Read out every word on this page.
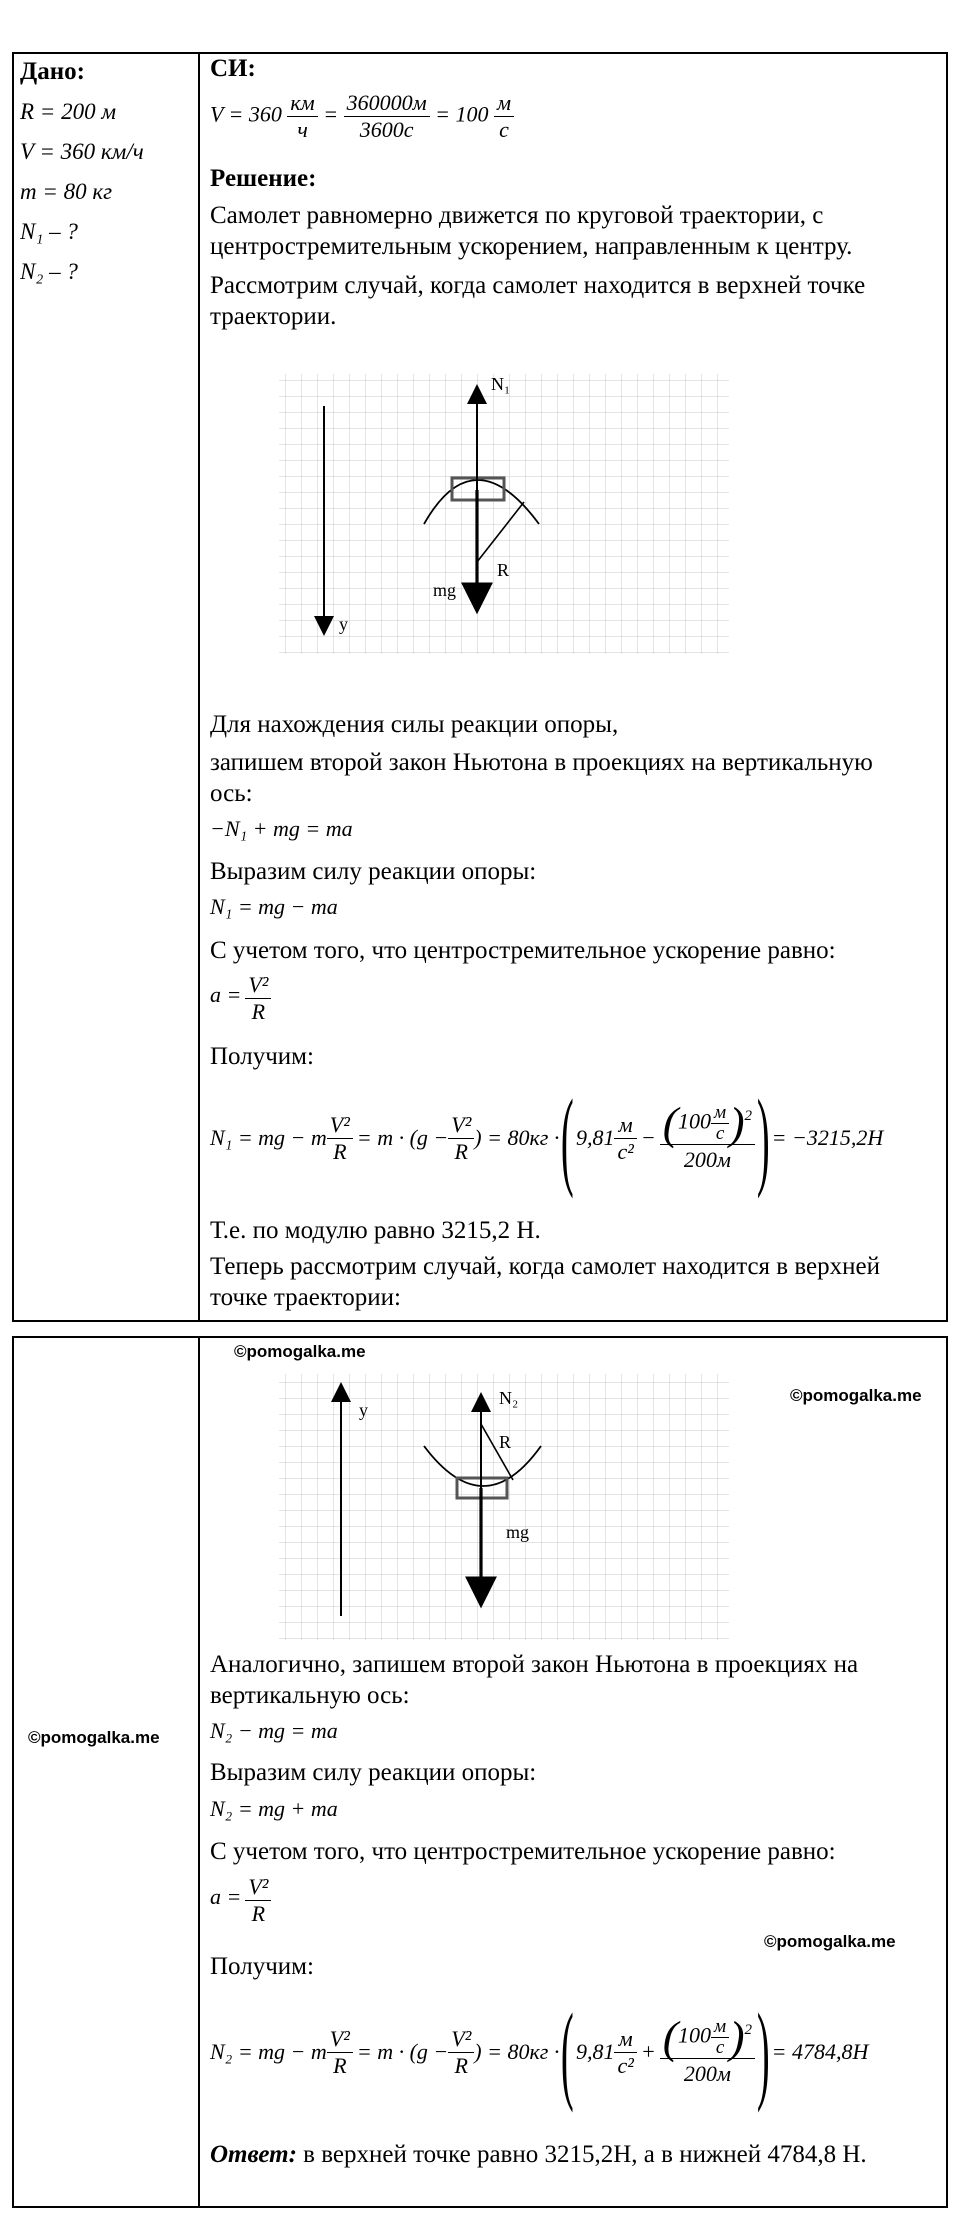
Дано:
R = 200 м
V = 360 км/ч
m = 80 кг
N₁ – ?
N₂ – ?
СИ:
$V = 360 \frac{км}{ч} = \frac{360000м}{3600с} = 100 \frac{м}{с}$
Решение:
Самолет равномерно движется по круговой траектории, с
центростремительным ускорением, направленным к центру.
Рассмотрим случай, когда самолет находится в верхней точке
траектории.
y
N₁
mg
R
Для нахождения силы реакции опоры,
запишем второй закон Ньютона в проекциях на вертикальную
ось:
−N₁ + mg = ma
Выразим силу реакции опоры:
N₁ = mg − ma
С учетом того, что центростремительное ускорение равно:
$a = \frac{\text{V²}}{R}$
Получим:
N₁ = mg − m $\frac{\text{V²}}{R} = m \cdot (g - \frac{\text{V²}}{R}$ ) = 80кг · ( $9,81 \frac{м}{\text{с²}} - \frac{(100 \frac{м}{с} )^2}{200м}$ ) = −3215,2H
Т.е. по модулю равно 3215,2 Н.
Теперь рассмотрим случай, когда самолет находится в верхней
точке траектории:
©pomogalka.me
©pomogalka.me
©pomogalka.me
©pomogalka.me
y
N₂
R
mg
Аналогично, запишем второй закон Ньютона в проекциях на
вертикальную ось:
N₂ − mg = ma
Выразим силу реакции опоры:
N₂ = mg + ma
С учетом того, что центростремительное ускорение равно:
$a = \frac{\text{V²}}{R}$
Получим:
N₂ = mg − m $\frac{\text{V²}}{R} = m \cdot (g - \frac{\text{V²}}{R}$ ) = 80кг · ( $9,81 \frac{м}{\text{с²}} + \frac{(100 \frac{м}{с} )^2}{200м}$ ) = 4784,8H
Ответ: в верхней точке равно 3215,2Н, а в нижней 4784,8 Н.
